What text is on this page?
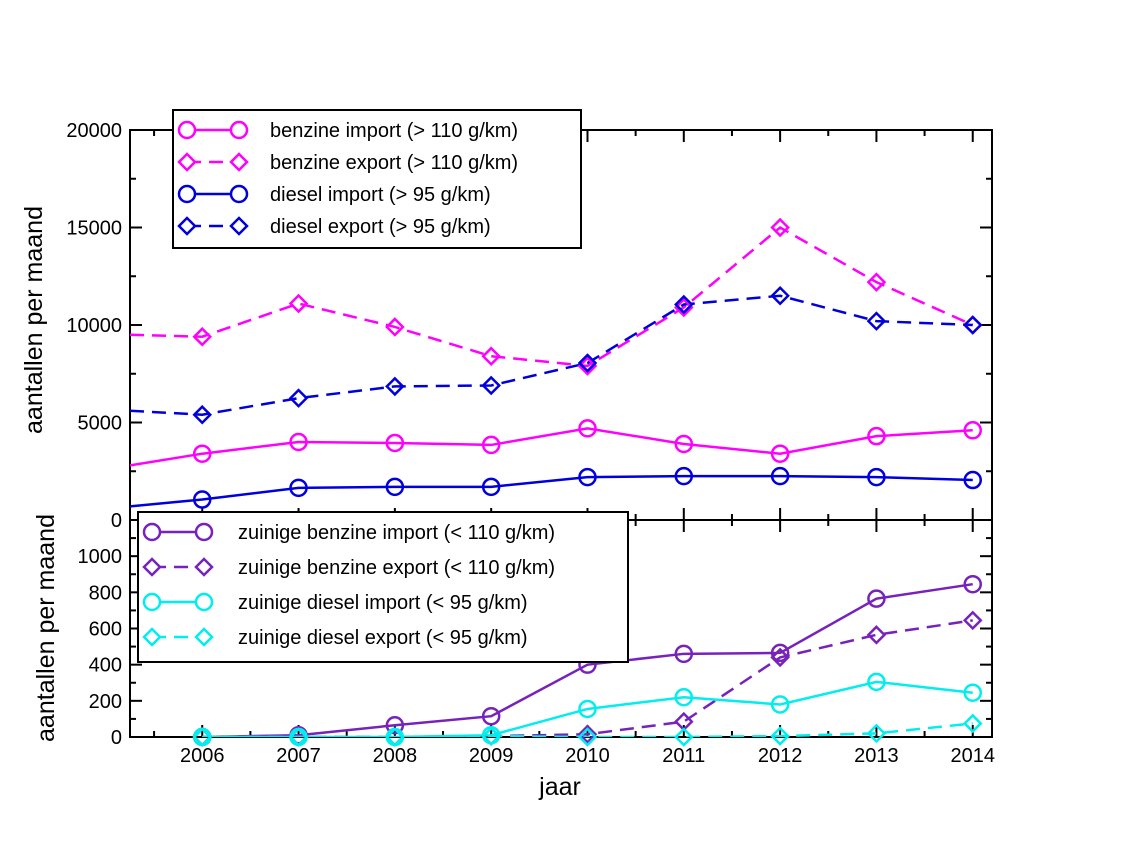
0
5000
10000
15000
20000	benzine import (> 110 g/km)
benzine export (> 110 g/km)
diesel import (> 95 g/km)
diesel export (> 95 g/km)
0
200
400
600
800
1000
2006	2007	2008	2009	2010	2011	2012	2013	2014
zuinige benzine import (< 110 g/km)
zuinige benzine export (< 110 g/km)
zuinige diesel import (< 95 g/km)
zuinige diesel export (< 95 g/km)
aantallen per maand
aantallen per maand
jaar
